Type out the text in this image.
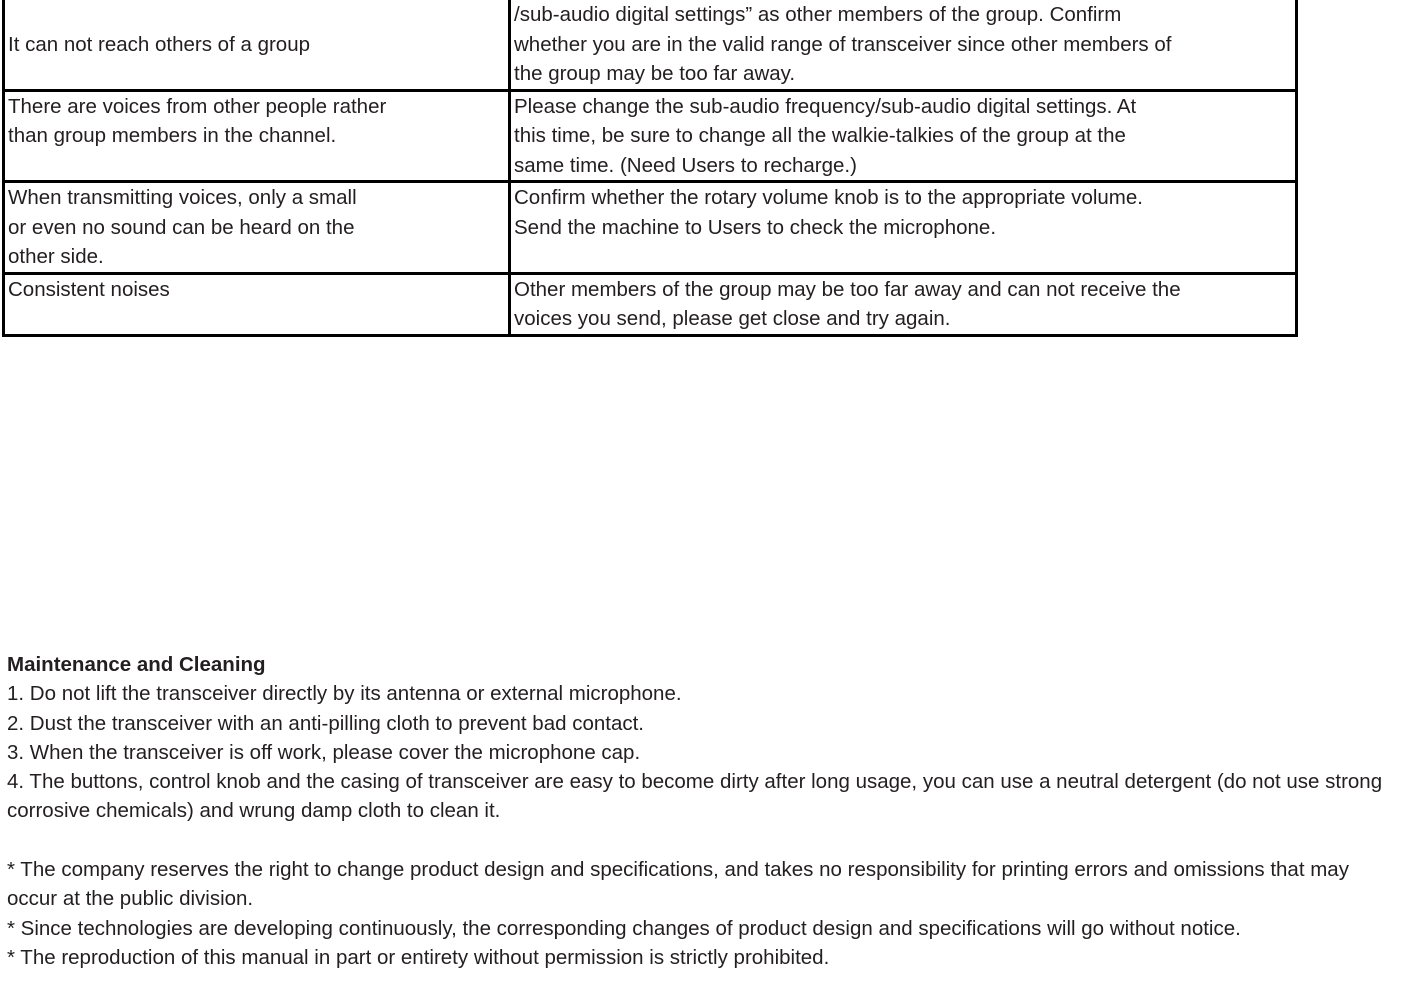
It can not reach others of a group	/sub-audio digital settings” as other members of the group. Confirm
whether you are in the valid range of transceiver since other members of
the group may be too far away.
There are voices from other people rather
than group members in the channel.	Please change the sub-audio frequency/sub-audio digital settings. At
this time, be sure to change all the walkie-talkies of the group at the
same time. (Need Users to recharge.)
When transmitting voices, only a small
or even no sound can be heard on the
other side.	Confirm whether the rotary volume knob is to the appropriate volume.
Send the machine to Users to check the microphone.
Consistent noises	Other members of the group may be too far away and can not receive the
voices you send, please get close and try again.
Maintenance and Cleaning

1. Do not lift the transceiver directly by its antenna or external microphone.

2. Dust the transceiver with an anti-pilling cloth to prevent bad contact.

3. When the transceiver is off work, please cover the microphone cap.

4. The buttons, control knob and the casing of transceiver are easy to become dirty after long usage, you can use a neutral detergent (do not use strong corrosive chemicals) and wrung damp cloth to clean it.

* The company reserves the right to change product design and specifications, and takes no responsibility for printing errors and omissions that may occur at the public division.

* Since technologies are developing continuously, the corresponding changes of product design and specifications will go without notice.

* The reproduction of this manual in part or entirety without permission is strictly prohibited.
